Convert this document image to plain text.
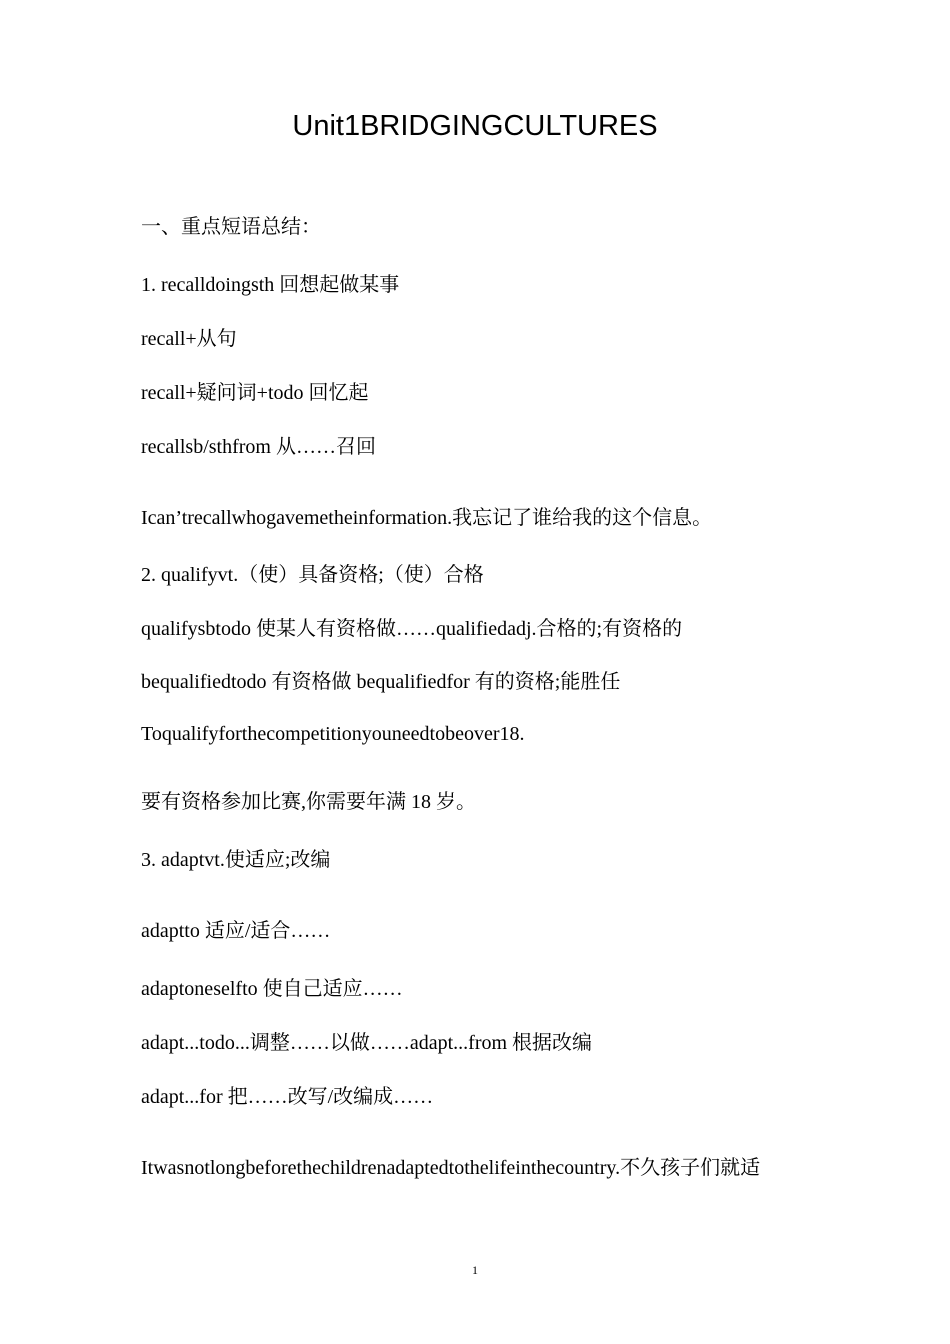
Unit1BRIDGINGCULTURES
一、重点短语总结：
1. recalldoingsth 回想起做某事
recall+从句
recall+疑问词+todo 回忆起
recallsb/sthfrom 从……召回
Ican’trecallwhogavemetheinformation.我忘记了谁给我的这个信息。
2. qualifyvt.（使）具备资格;（使）合格
qualifysbtodo 使某人有资格做……qualifiedadj.合格的;有资格的
bequalifiedtodo 有资格做 bequalifiedfor 有的资格;能胜任
Toqualifyforthecompetitionyouneedtobeover18.
要有资格参加比赛,你需要年满 18 岁。
3. adaptvt.使适应;改编
adaptto 适应/适合……
adaptoneselfto 使自己适应……
adapt...todo...调整……以做……adapt...from 根据改编
adapt...for 把……改写/改编成……
Itwasnotlongbeforethechildrenadaptedtothelifeinthecountry.不久孩子们就适
1
